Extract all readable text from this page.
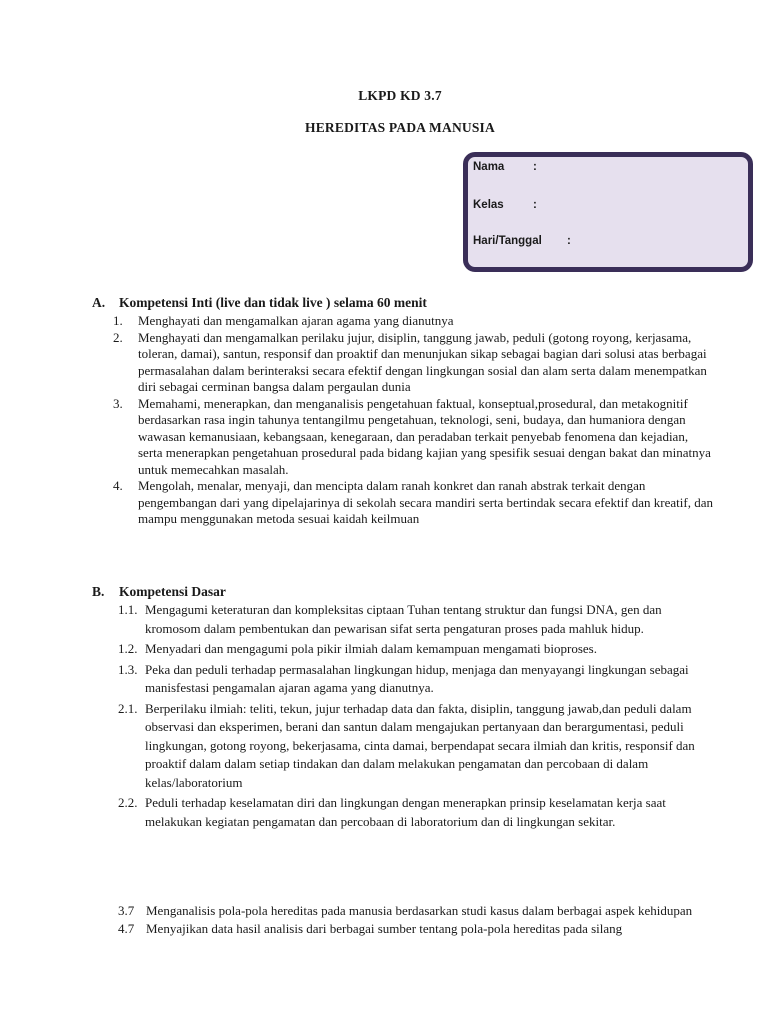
LKPD KD 3.7
HEREDITAS PADA MANUSIA
Nama :
Kelas	:
Hari/Tanggal :
A. Kompetensi Inti (live dan tidak live ) selama 60 menit
1. Menghayati dan mengamalkan ajaran agama yang dianutnya
2. Menghayati dan mengamalkan perilaku jujur, disiplin, tanggung jawab, peduli (gotong royong, kerjasama, toleran, damai), santun, responsif dan proaktif dan menunjukan sikap sebagai bagian dari solusi atas berbagai permasalahan dalam berinteraksi secara efektif dengan lingkungan sosial dan alam serta dalam menempatkan diri sebagai cerminan bangsa dalam pergaulan dunia
3. Memahami, menerapkan, dan menganalisis pengetahuan faktual, konseptual,prosedural, dan metakognitif berdasarkan rasa ingin tahunya tentangilmu pengetahuan, teknologi, seni, budaya, dan humaniora dengan wawasan kemanusiaan, kebangsaan, kenegaraan, dan peradaban terkait penyebab fenomena dan kejadian, serta menerapkan pengetahuan prosedural pada bidang kajian yang spesifik sesuai dengan bakat dan minatnya untuk memecahkan masalah.
4. Mengolah, menalar, menyaji, dan mencipta dalam ranah konkret dan ranah abstrak terkait dengan pengembangan dari yang dipelajarinya di sekolah secara mandiri serta bertindak secara efektif dan kreatif, dan mampu menggunakan metoda sesuai kaidah keilmuan
B. Kompetensi Dasar
1.1. Mengagumi keteraturan dan kompleksitas ciptaan Tuhan tentang struktur dan fungsi DNA, gen dan kromosom dalam pembentukan dan pewarisan sifat serta pengaturan proses pada mahluk hidup.
1.2. Menyadari dan mengagumi pola pikir ilmiah dalam kemampuan mengamati bioproses.
1.3. Peka dan peduli terhadap permasalahan lingkungan hidup, menjaga dan menyayangi lingkungan sebagai manisfestasi pengamalan ajaran agama yang dianutnya.
2.1. Berperilaku ilmiah: teliti, tekun, jujur terhadap data dan fakta, disiplin, tanggung jawab,dan peduli dalam observasi dan eksperimen, berani dan santun dalam mengajukan pertanyaan dan berargumentasi, peduli lingkungan, gotong royong, bekerjasama, cinta damai, berpendapat secara ilmiah dan kritis, responsif dan proaktif dalam dalam setiap tindakan dan dalam melakukan pengamatan dan percobaan di dalam kelas/laboratorium
2.2. Peduli terhadap keselamatan diri dan lingkungan dengan menerapkan prinsip keselamatan kerja saat melakukan kegiatan pengamatan dan percobaan di laboratorium dan di lingkungan sekitar.
3.7 Menganalisis pola-pola hereditas pada manusia berdasarkan studi kasus dalam berbagai aspek kehidupan
4.7 Menyajikan data hasil analisis dari berbagai sumber tentang pola-pola hereditas pada silang
